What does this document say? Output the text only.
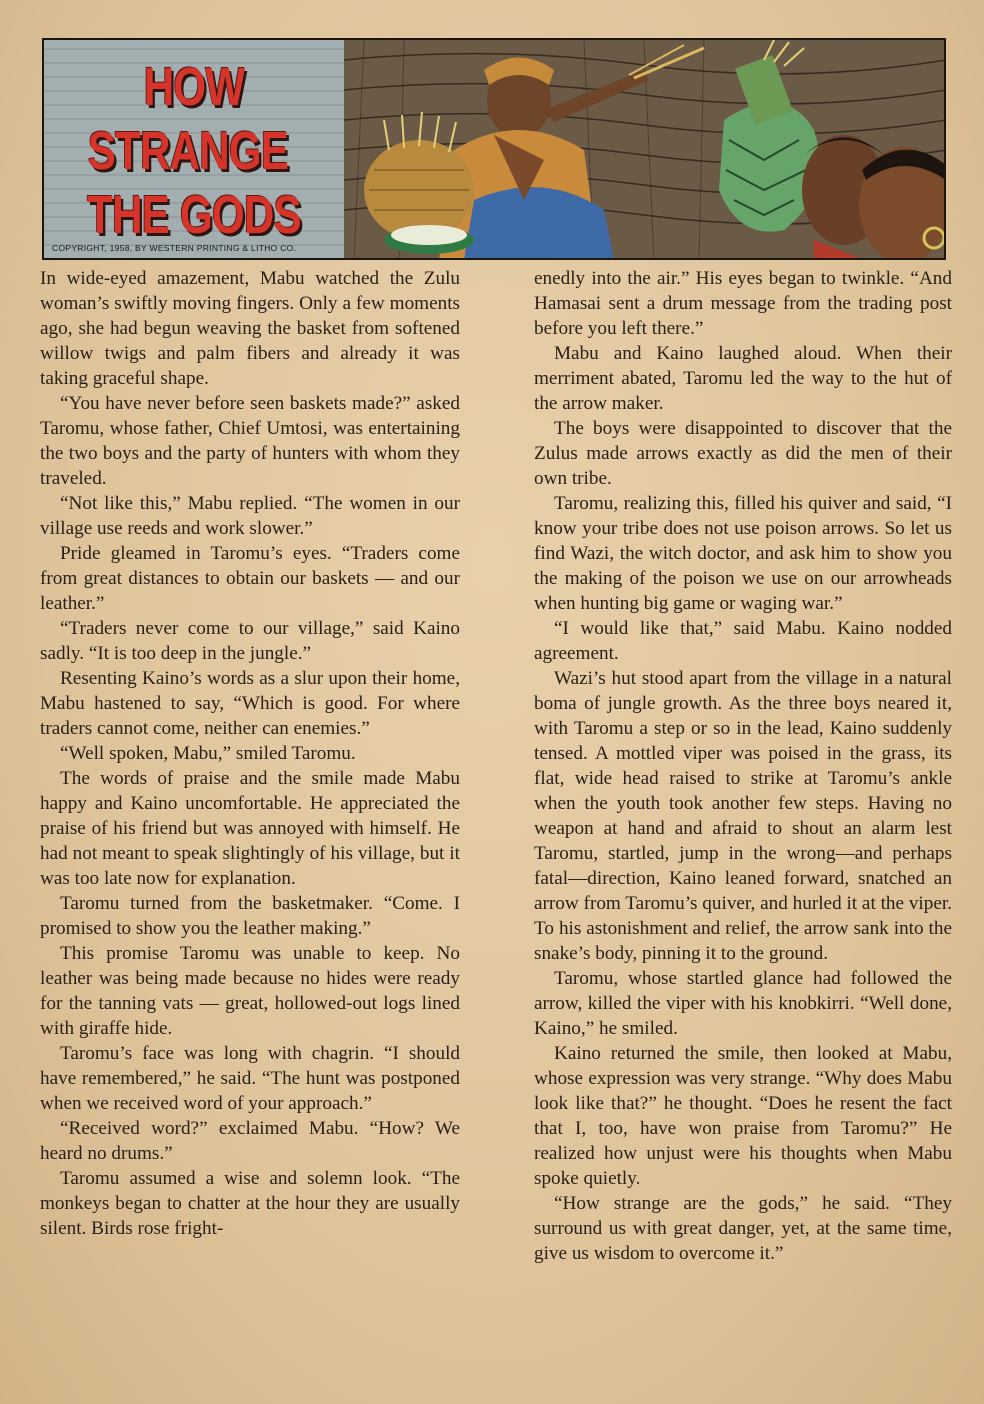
HOW
STRANGE
THE GODS
COPYRIGHT, 1958, BY WESTERN PRINTING & LITHO CO.

In wide-eyed amazement, Mabu watched the Zulu woman’s swiftly moving fingers. Only a few moments ago, she had begun weaving the basket from softened willow twigs and palm fibers and already it was taking graceful shape.

“You have never before seen baskets made?” asked Taromu, whose father, Chief Umtosi, was entertaining the two boys and the party of hunters with whom they traveled.

“Not like this,” Mabu replied. “The women in our village use reeds and work slower.”

Pride gleamed in Taromu’s eyes. “Traders come from great distances to obtain our baskets — and our leather.”

“Traders never come to our village,” said Kaino sadly. “It is too deep in the jungle.”

Resenting Kaino’s words as a slur upon their home, Mabu hastened to say, “Which is good. For where traders cannot come, neither can enemies.”

“Well spoken, Mabu,” smiled Taromu.

The words of praise and the smile made Mabu happy and Kaino uncomfortable. He appreciated the praise of his friend but was annoyed with himself. He had not meant to speak slightingly of his village, but it was too late now for explanation.

Taromu turned from the basketmaker. “Come. I promised to show you the leather making.”

This promise Taromu was unable to keep. No leather was being made because no hides were ready for the tanning vats — great, hollowed-out logs lined with giraffe hide.

Taromu’s face was long with chagrin. “I should have remembered,” he said. “The hunt was postponed when we received word of your approach.”

“Received word?” exclaimed Mabu. “How? We heard no drums.”

Taromu assumed a wise and solemn look. “The monkeys began to chatter at the hour they are usually silent. Birds rose fright-

enedly into the air.” His eyes began to twinkle. “And Hamasai sent a drum message from the trading post before you left there.”

Mabu and Kaino laughed aloud. When their merriment abated, Taromu led the way to the hut of the arrow maker.

The boys were disappointed to discover that the Zulus made arrows exactly as did the men of their own tribe.

Taromu, realizing this, filled his quiver and said, “I know your tribe does not use poison arrows. So let us find Wazi, the witch doctor, and ask him to show you the making of the poison we use on our arrowheads when hunting big game or waging war.”

“I would like that,” said Mabu. Kaino nodded agreement.

Wazi’s hut stood apart from the village in a natural boma of jungle growth. As the three boys neared it, with Taromu a step or so in the lead, Kaino suddenly tensed. A mottled viper was poised in the grass, its flat, wide head raised to strike at Taromu’s ankle when the youth took another few steps. Having no weapon at hand and afraid to shout an alarm lest Taromu, startled, jump in the wrong—and perhaps fatal—direction, Kaino leaned forward, snatched an arrow from Taromu’s quiver, and hurled it at the viper. To his astonishment and relief, the arrow sank into the snake’s body, pinning it to the ground.

Taromu, whose startled glance had followed the arrow, killed the viper with his knobkirri. “Well done, Kaino,” he smiled.

Kaino returned the smile, then looked at Mabu, whose expression was very strange. “Why does Mabu look like that?” he thought. “Does he resent the fact that I, too, have won praise from Taromu?” He realized how unjust were his thoughts when Mabu spoke quietly.

“How strange are the gods,” he said. “They surround us with great danger, yet, at the same time, give us wisdom to overcome it.”
